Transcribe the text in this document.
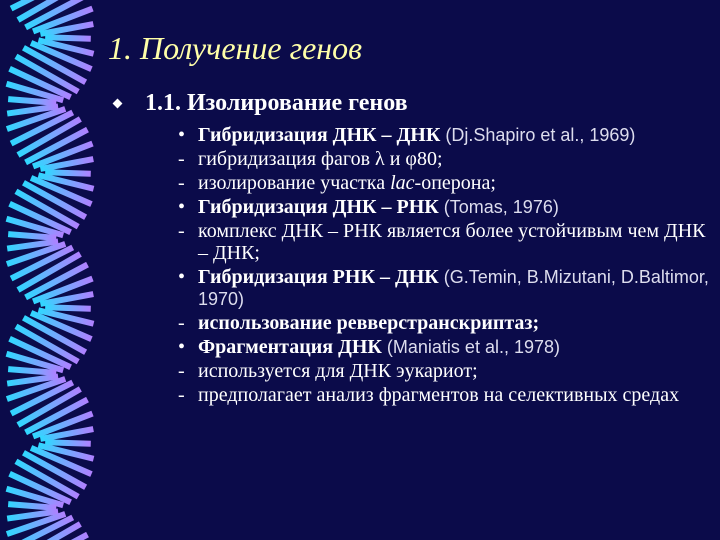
1. Получение генов
1.1. Изолирование генов
• Гибридизация ДНК – ДНК (Dj.Shapiro et al., 1969)
- гибридизация фагов λ и φ80;
- изолирование участка lac-оперона;
• Гибридизация ДНК – РНК (Tomas, 1976)
- комплекс ДНК – РНК является более устойчивым чем ДНК – ДНК;
• Гибридизация РНК – ДНК (G.Temin, B.Mizutani, D.Baltimor, 1970)
- использование ревверстранскриптаз;
• Фрагментация ДНК (Maniatis et al., 1978)
- используется для ДНК эукариот;
- предполагает анализ фрагментов на селективных средах
